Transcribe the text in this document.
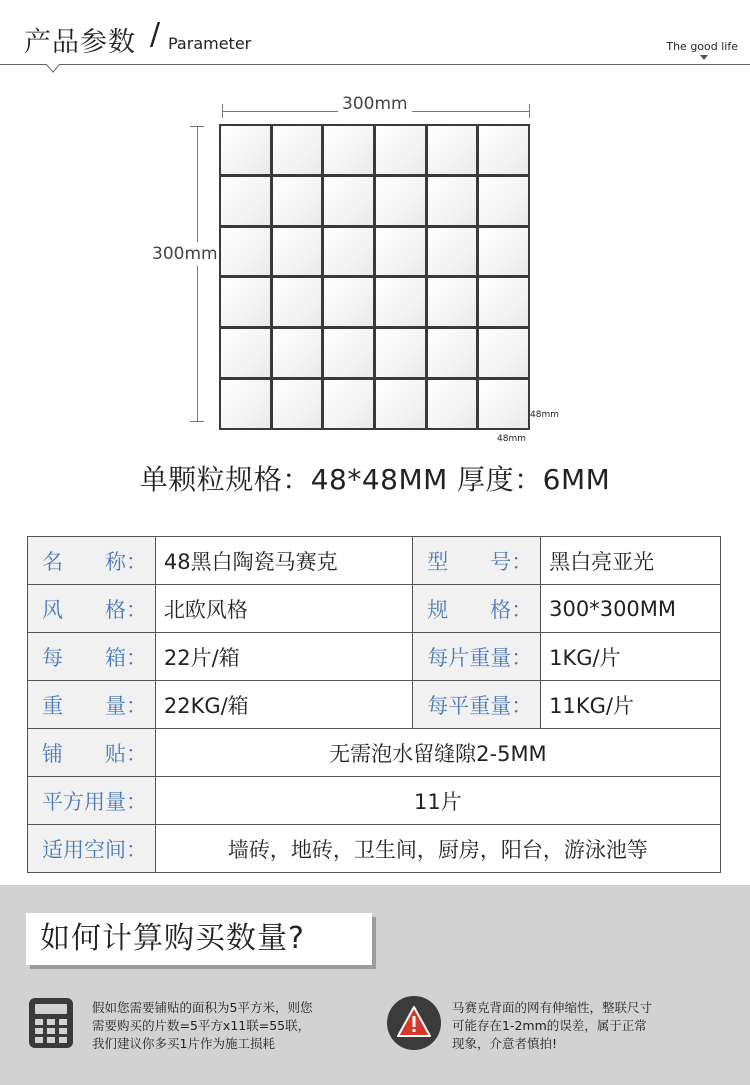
产品参数 / Parameter	The good life
300mm
300mm
48mm
48mm
单颗粒规格：48*48MM 厚度：6MM
名　　称：	48黑白陶瓷马赛克	型　　号：	黑白亮亚光
风　　格：	北欧风格	规　　格：	300*300MM
每　　箱：	22片/箱	每片重量：	1KG/片
重　　量：	22KG/箱	每平重量：	11KG/片
铺　　贴：	无需泡水留缝隙2-5MM		
平方用量：	11片		
适用空间：	墙砖，地砖，卫生间，厨房，阳台，游泳池等		
如何计算购买数量?
假如您需要铺贴的面积为5平方米，则您
需要购买的片数=5平方x11联=55联，
我们建议你多买1片作为施工损耗
马赛克背面的网有伸缩性，整联尺寸
可能存在1-2mm的误差，属于正常
现象，介意者慎拍!
